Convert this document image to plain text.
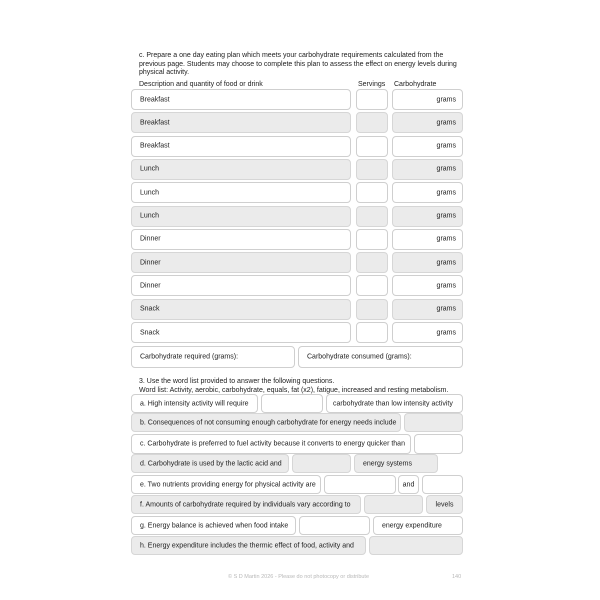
c. Prepare a one day eating plan which meets your carbohydrate requirements calculated from the previous page. Students may choose to complete this plan to assess the effect on energy levels during physical activity.
Description and quantity of food or drink	Servings Carbohydrate
Breakfast	grams
Breakfast	grams
Breakfast	grams
Lunch	grams
Lunch	grams
Lunch	grams
Dinner	grams
Dinner	grams
Dinner	grams
Snack	grams
Snack	grams
Carbohydrate required (grams):	Carbohydrate consumed (grams):
3. Use the word list provided to answer the following questions.
Word list: Activity, aerobic, carbohydrate, equals, fat (x2), fatigue, increased and resting metabolism.
a. High intensity activity will require	carbohydrate than low intensity activity
b. Consequences of not consuming enough carbohydrate for energy needs include
c. Carbohydrate is preferred to fuel activity because it converts to energy quicker than
d. Carbohydrate is used by the lactic acid and	energy systems
e. Two nutrients providing energy for physical activity are	and
f. Amounts of carbohydrate required by individuals vary according to	levels
g. Energy balance is achieved when food intake	energy expenditure
h. Energy expenditure includes the thermic effect of food, activity and
© S D Martin 2026 - Please do not photocopy or distribute	140
